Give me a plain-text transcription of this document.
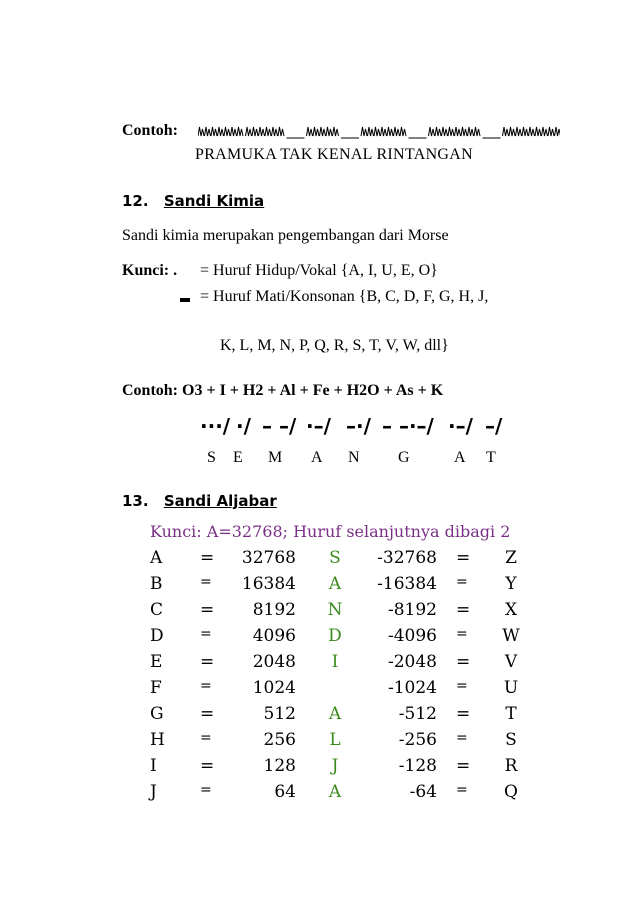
Contoh:
PRAMUKA TAK KENAL RINTANGAN
12. Sandi Kimia
Sandi kimia merupakan pengembangan dari Morse
Kunci: . = Huruf Hidup/Vokal {A, I, U, E, O}
= Huruf Mati/Konsonan {B, C, D, F, G, H, J,
K, L, M, N, P, Q, R, S, T, V, W, dll}
Contoh: O3 + I + H2 + Al + Fe + H2O + As + K
···/ ·/ – –/ ·–/ –·/ – –·–/ ·–/ –/
S E M A N G	A T
13. Sandi Aljabar
Kunci: A=32768; Huruf selanjutnya dibagi 2
A =	32768 S	-32768 =	Z
B	=	16384 A	-16384 =	Y
C =	8192 N	-8192 =	X
D	=	4096 D	-4096 = W
E =	2048	I	-2048 =	V
F	=	1024	-1024 =	U
G =	512 A	-512 =	T
H	=	256 L	-256 =	S
I	=	128	J	-128 =	R
J	=	64 A	-64 =	Q
